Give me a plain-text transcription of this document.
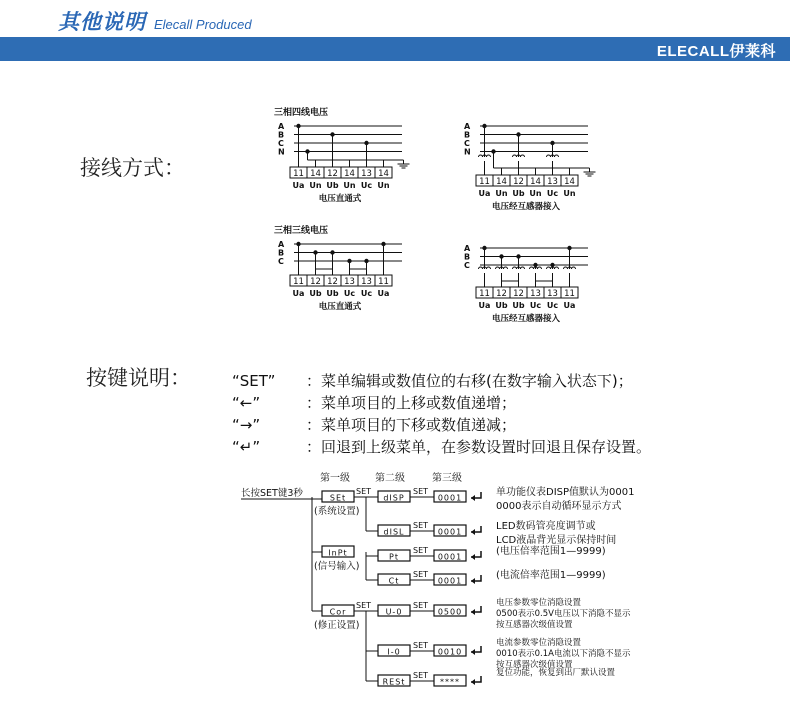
其他说明 Elecall Produced
ELECALL伊莱科
接线方式：
按键说明：	“SET”	：菜单编辑或数值位的右移(在数字输入状态下)；
“←”	：菜单项目的上移或数值递增；
“→”	：菜单项目的下移或数值递减；
“↵”	：回退到上级菜单，在参数设置时回退且保存设置。
三相四线电压
A
B
C
N
11
Ua
14
Un
12
Ub
14
Un
13
Uc
14
Un
电压直通式
A
B
C
N
11
Ua
14
Un
12
Ub
14
Un
13
Uc
14
Un
电压经互感器接入
三相三线电压
A
B
C
11
Ua
12
Ub
12
Ub
13
Uc
13
Uc
11
Ua
电压直通式
A
B
C
11
Ua
12
Ub
12
Ub
13
Uc
13
Uc
11
Ua
电压经互感器接入
第一级	第二级	第三级
长按SET键3秒	SEt
(系统设置)
InPt
(信号输入)
Cor
(修正设置)
SET
dISP
SET
0001	单功能仪表DISP值默认为0001
0000表示自动循环显示方式
dISL
SET
0001	LED数码管亮度调节或
LCD液晶背光显示保持时间
Pt
SET
0001	(电压倍率范围1—9999)
Ct
SET
0001	(电流倍率范围1—9999)
SET
U-0
SET
0500
电压参数零位消隐设置
0500表示0.5V电压以下消隐不显示
按互感器次级值设置
I-0
SET
0010
电流参数零位消隐设置
0010表示0.1A电流以下消隐不显示
按互感器次级值设置
RESt
SET
****
复位功能，恢复到出厂默认设置
